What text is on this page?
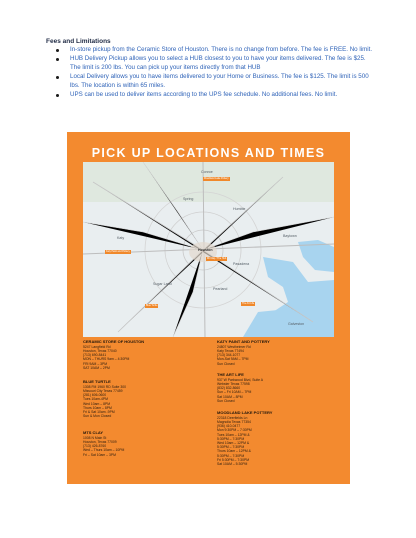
Fees and Limitations
In-store pickup from the Ceramic Store of Houston. There is no change from before. The fee is FREE. No limit.
HUB Delivery Pickup allows you to select a HUB closest to you to have your items delivered. The fee is $25. The limit is 200 lbs. You can pick up your items directly from that HUB
Local Delivery allows you to have items delivered to your Home or Business. The fee is $125. The limit is 500 lbs. The location is within 65 miles.
UPS can be used to deliver items according to the UPS fee schedule. No additional fees. No limit.
PICK UP LOCATIONS AND TIMES
Houston
Katy
Pasadena
Sugar Land
Pearland
Baytown
Galveston
Conroe
Spring
Humble
Katy Paint and Pottery
Moodland Lake Pottery
Blue Turtle
The Art Life
Mt Clay / The Hub
CERAMIC STORE OF HOUSTON
5247 Langfield Rd
Houston, Texas 77040
(713) 690-8441
MON – THURS 9am – 4:30PM
FRI 9AM – 3PM
SAT 10AM – 2PM
BLUE TURTLE
1308 FM 1960 RD Suite 300
Missouri City Texas 77459
(281) 606-0600
Tues 10am-4PM
Wed 10am – 8PM
Thurs 10am – 8PM
Fri & Sat 10am -9PM
Sun & Mon Closed
MTS CLAY
1008 N Main St
Houston, Texas 77009
(713) 426-8760
Wed – Thurs 10am – 10PM
Fri – Sat 10am – 3PM
KATY PAINT AND POTTERY
24807 Westheimer Rd
Katy Texas 77494
(713) 344-1077
Mon-Sat 9AM – 7PM
Sun Closed
THE ART LIFE
937 W Parkwood Blvd, Suite A
Webster Texas 77598
(832) 832-8660
Sun – Fri 10AM – 7PM
Sat 10AM – 8PM
Sun Closed
MOODLAND LAKE POTTERY
22318 Deerfields Ln
Magnolia Texas 77354
(936) 410-0477
Mon 9:30PM – 7:30PM
Tues 10am – 12PM &
5:30PM – 7:30PM
Wed 10am – 12PM &
5:30PM – 7:30PM
Thurs 10am – 12PM &
5:30PM – 7:30PM
Fri 5:30PM – 7:30PM
Sat 10AM – 5:30PM
